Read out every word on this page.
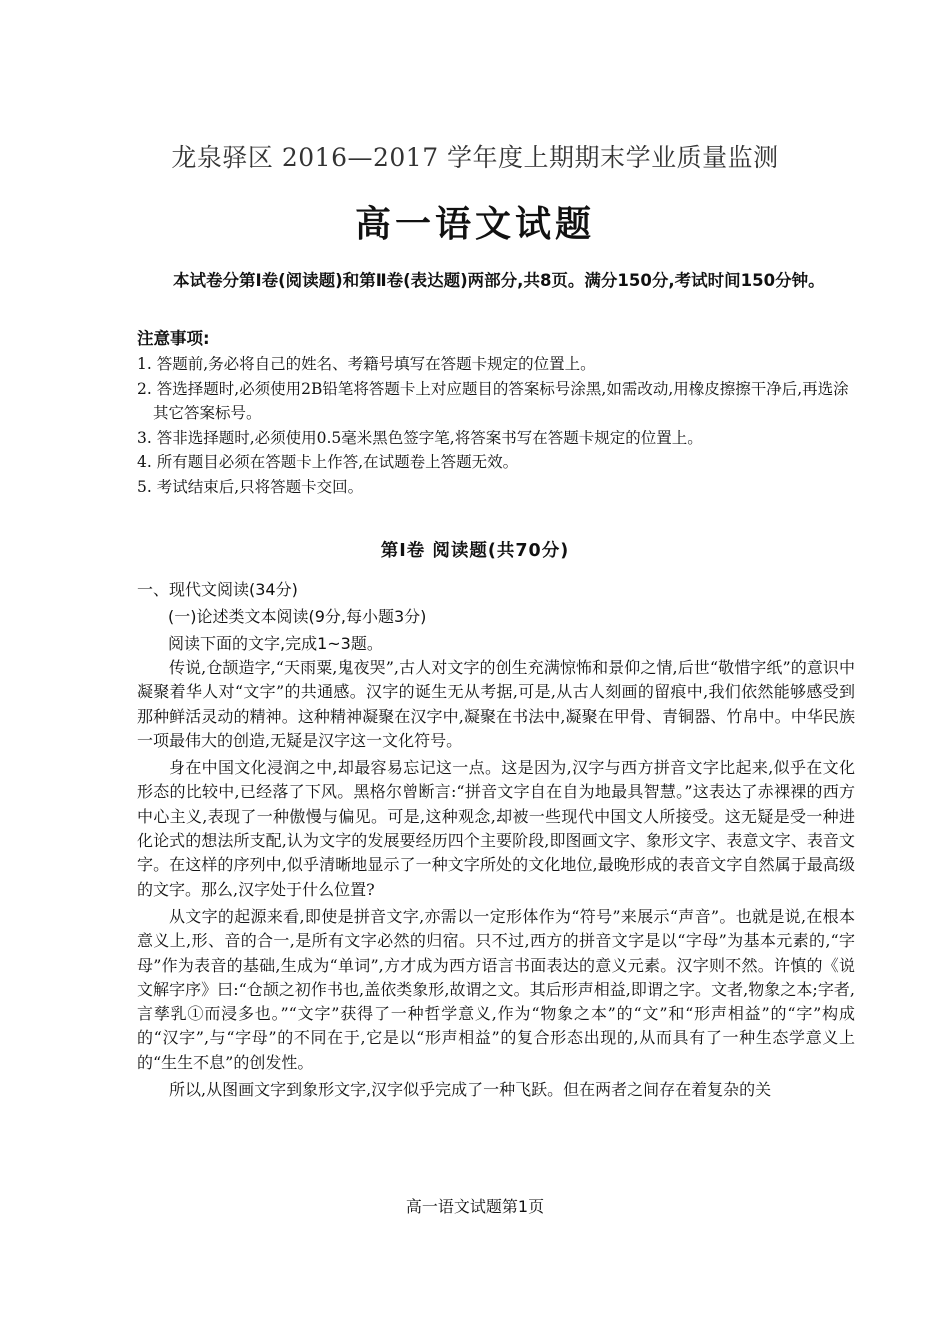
龙泉驿区 2016—2017 学年度上期期末学业质量监测
高一语文试题
本试卷分第Ⅰ卷(阅读题)和第Ⅱ卷(表达题)两部分,共8页。满分150分,考试时间150分钟。
注意事项:
1. 答题前,务必将自己的姓名、考籍号填写在答题卡规定的位置上。
2. 答选择题时,必须使用2B铅笔将答题卡上对应题目的答案标号涂黑,如需改动,用橡皮擦擦干净后,再选涂其它答案标号。
3. 答非选择题时,必须使用0.5毫米黑色签字笔,将答案书写在答题卡规定的位置上。
4. 所有题目必须在答题卡上作答,在试题卷上答题无效。
5. 考试结束后,只将答题卡交回。
第Ⅰ卷 阅读题(共70分)
一、现代文阅读(34分)
(一)论述类文本阅读(9分,每小题3分)
阅读下面的文字,完成1~3题。

传说,仓颉造字,“天雨粟,鬼夜哭”,古人对文字的创生充满惊怖和景仰之情,后世“敬惜字纸”的意识中凝聚着华人对“文字”的共通感。汉字的诞生无从考据,可是,从古人刻画的留痕中,我们依然能够感受到那种鲜活灵动的精神。这种精神凝聚在汉字中,凝聚在书法中,凝聚在甲骨、青铜器、竹帛中。中华民族一项最伟大的创造,无疑是汉字这一文化符号。

身在中国文化浸润之中,却最容易忘记这一点。这是因为,汉字与西方拼音文字比起来,似乎在文化形态的比较中,已经落了下风。黑格尔曾断言:“拼音文字自在自为地最具智慧。”这表达了赤裸裸的西方中心主义,表现了一种傲慢与偏见。可是,这种观念,却被一些现代中国文人所接受。这无疑是受一种进化论式的想法所支配,认为文字的发展要经历四个主要阶段,即图画文字、象形文字、表意文字、表音文字。在这样的序列中,似乎清晰地显示了一种文字所处的文化地位,最晚形成的表音文字自然属于最高级的文字。那么,汉字处于什么位置?

从文字的起源来看,即使是拼音文字,亦需以一定形体作为“符号”来展示“声音”。也就是说,在根本意义上,形、音的合一,是所有文字必然的归宿。只不过,西方的拼音文字是以“字母”为基本元素的,“字母”作为表音的基础,生成为“单词”,方才成为西方语言书面表达的意义元素。汉字则不然。许慎的《说文解字序》曰:“仓颉之初作书也,盖依类象形,故谓之文。其后形声相益,即谓之字。文者,物象之本;字者,言孳乳①而浸多也。”“文字”获得了一种哲学意义,作为“物象之本”的“文”和“形声相益”的“字”构成的“汉字”,与“字母”的不同在于,它是以“形声相益”的复合形态出现的,从而具有了一种生态学意义上的“生生不息”的创发性。

所以,从图画文字到象形文字,汉字似乎完成了一种飞跃。但在两者之间存在着复杂的关

高一语文试题第1页
